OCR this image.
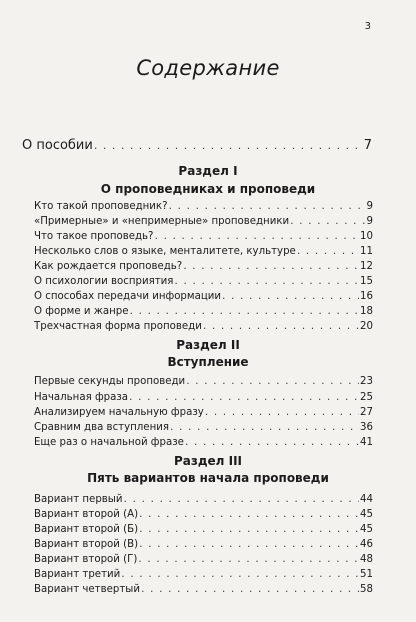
3
Содержание
О пособии . . .	7
Раздел I
О проповедниках и проповеди
Кто такой проповедник? . . .	9
«Примерные» и «непримерные» проповедники . . .	9
Что такое проповедь? . . .	10
Несколько слов о языке, менталитете, культуре . . .	11
Как рождается проповедь? . . .	12
О психологии восприятия . . .	15
О способах передачи информации . . .	16
О форме и жанре . . .	18
Трехчастная форма проповеди . . .	20
Раздел II
Вступление
Первые секунды проповеди . . .	23
Начальная фраза . . .	25
Анализируем начальную фразу . . .	27
Сравним два вступления . . .	36
Еще раз о начальной фразе . . .	41
Раздел III
Пять вариантов начала проповеди
Вариант первый . . .	44
Вариант второй (А) . . .	45
Вариант второй (Б) . . .	45
Вариант второй (В) . . .	46
Вариант второй (Г) . . .	48
Вариант третий . . .	51
Вариант четвертый . . .	58
